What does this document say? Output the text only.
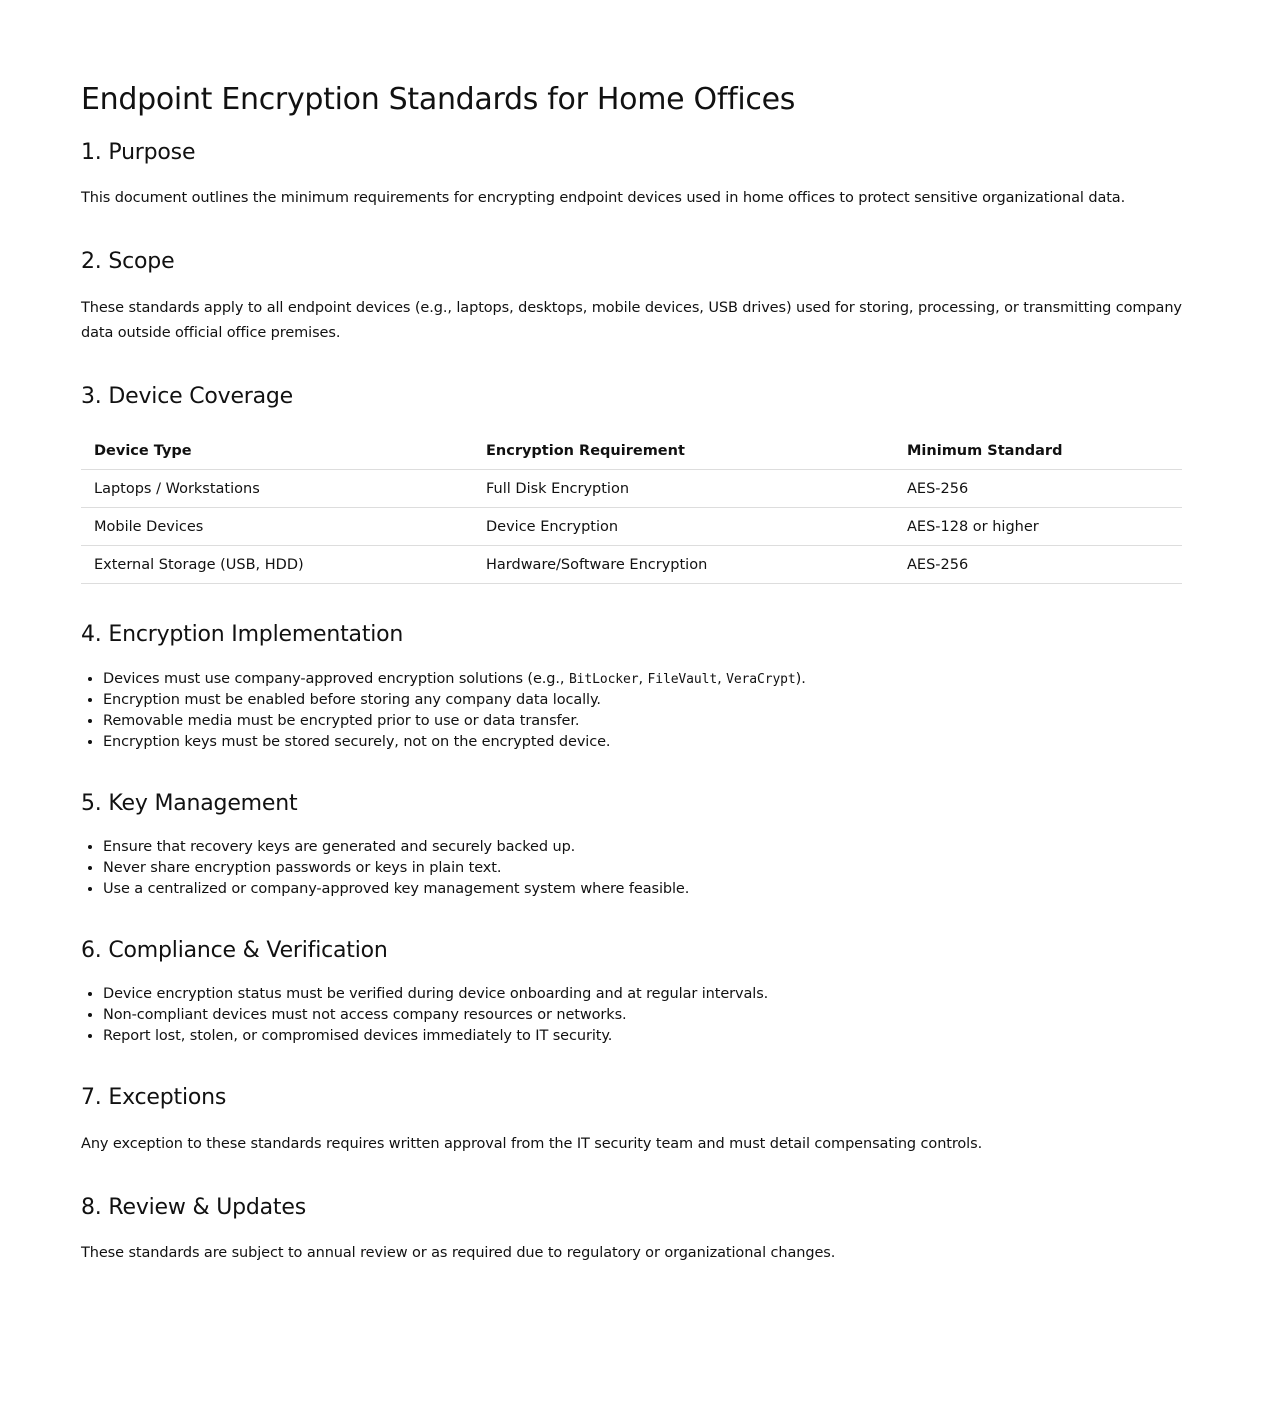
Endpoint Encryption Standards for Home Offices
1. Purpose

This document outlines the minimum requirements for encrypting endpoint devices used in home offices to protect sensitive organizational data.

2. Scope

These standards apply to all endpoint devices (e.g., laptops, desktops, mobile devices, USB drives) used for storing, processing, or transmitting company data outside official office premises.

3. Device Coverage
Device Type	Encryption Requirement	Minimum Standard
Laptops / Workstations	Full Disk Encryption	AES-256
Mobile Devices	Device Encryption	AES-128 or higher
External Storage (USB, HDD)	Hardware/Software Encryption	AES-256
4. Encryption Implementation
• Devices must use company-approved encryption solutions (e.g., BitLocker, FileVault, VeraCrypt).
• Encryption must be enabled before storing any company data locally.
• Removable media must be encrypted prior to use or data transfer.
• Encryption keys must be stored securely, not on the encrypted device.
5. Key Management
• Ensure that recovery keys are generated and securely backed up.
• Never share encryption passwords or keys in plain text.
• Use a centralized or company-approved key management system where feasible.
6. Compliance & Verification
• Device encryption status must be verified during device onboarding and at regular intervals.
• Non-compliant devices must not access company resources or networks.
• Report lost, stolen, or compromised devices immediately to IT security.
7. Exceptions

Any exception to these standards requires written approval from the IT security team and must detail compensating controls.

8. Review & Updates

These standards are subject to annual review or as required due to regulatory or organizational changes.
